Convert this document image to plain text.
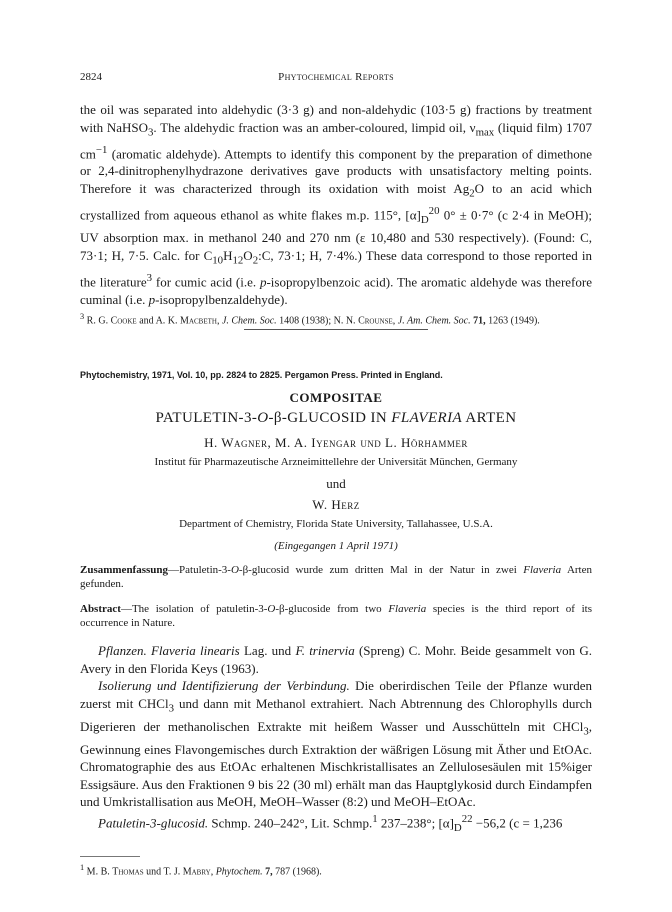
2824	Phytochemical Reports

the oil was separated into aldehydic (3·3 g) and non-aldehydic (103·5 g) fractions by treatment with NaHSO$_3$. The aldehydic fraction was an amber-coloured, limpid oil, $\nu_{max}$ (liquid film) 1707 $cm^{-1}$ (aromatic aldehyde). Attempts to identify this component by the preparation of dimethone or 2,4-dinitrophenylhydrazone derivatives gave products with unsatisfactory melting points. Therefore it was characterized through its oxidation with moist $Ag_2O$ to an acid which crystallized from aqueous ethanol as white flakes m.p. 115°, $[\alpha]_D^{20}$ 0° ± 0·7° (c 2·4 in MeOH); UV absorption max. in methanol 240 and 270 nm (ε 10,480 and 530 respectively). (Found: C, 73·1; H, 7·5. Calc. for $C_{10}H_{12}O_2:C$, 73·1; H, 7·4%.) These data correspond to those reported in the literature$^3$ for cumic acid (i.e. p-isopropylbenzoic acid). The aromatic aldehyde was therefore cuminal (i.e. p-isopropylbenzaldehyde).

$^3$ R. G. Cooke and A. K. Macbeth, J. Chem. Soc. 1408 (1938); N. N. Crounse, J. Am. Chem. Soc. 71, 1263 (1949).

Phytochemistry, 1971, Vol. 10, pp. 2824 to 2825. Pergamon Press. Printed in England.
COMPOSITAE
PATULETIN-3-O-β-GLUCOSID IN FLAVERIA ARTEN
H. Wagner, M. A. Iyengar und L. Hörhammer
Institut für Pharmazeutische Arzneimittellehre der Universität München, Germany
und
W. Herz
Department of Chemistry, Florida State University, Tallahassee, U.S.A.
(Eingegangen 1 April 1971)

Zusammenfassung—Patuletin-3-O-β-glucosid wurde zum dritten Mal in der Natur in zwei Flaveria Arten gefunden.

Abstract—The isolation of patuletin-3-O-β-glucoside from two Flaveria species is the third report of its occurrence in Nature.

Pflanzen. Flaveria linearis Lag. und F. trinervia (Spreng) C. Mohr. Beide gesammelt von G. Avery in den Florida Keys (1963).

Isolierung und Identifizierung der Verbindung. Die oberirdischen Teile der Pflanze wurden zuerst mit CHCl$_3$ und dann mit Methanol extrahiert. Nach Abtrennung des Chlorophylls durch Digerieren der methanolischen Extrakte mit heißem Wasser und Ausschütteln mit CHCl$_3$, Gewinnung eines Flavongemisches durch Extraktion der wäßrigen Lösung mit Äther und EtOAc. Chromatographie des aus EtOAc erhaltenen Mischkristallisates an Zellulosesäulen mit 15%iger Essigsäure. Aus den Fraktionen 9 bis 22 (30 ml) erhält man das Hauptglykosid durch Eindampfen und Umkristallisation aus MeOH, MeOH–Wasser (8:2) und MeOH–EtOAc.

Patuletin-3-glucosid. Schmp. 240–242°, Lit. Schmp.$^1$ 237–238°; $[\alpha]_D^{22} -56,2$ (c = 1,236

$^1$ M. B. Thomas und T. J. Mabry, Phytochem. 7, 787 (1968).
